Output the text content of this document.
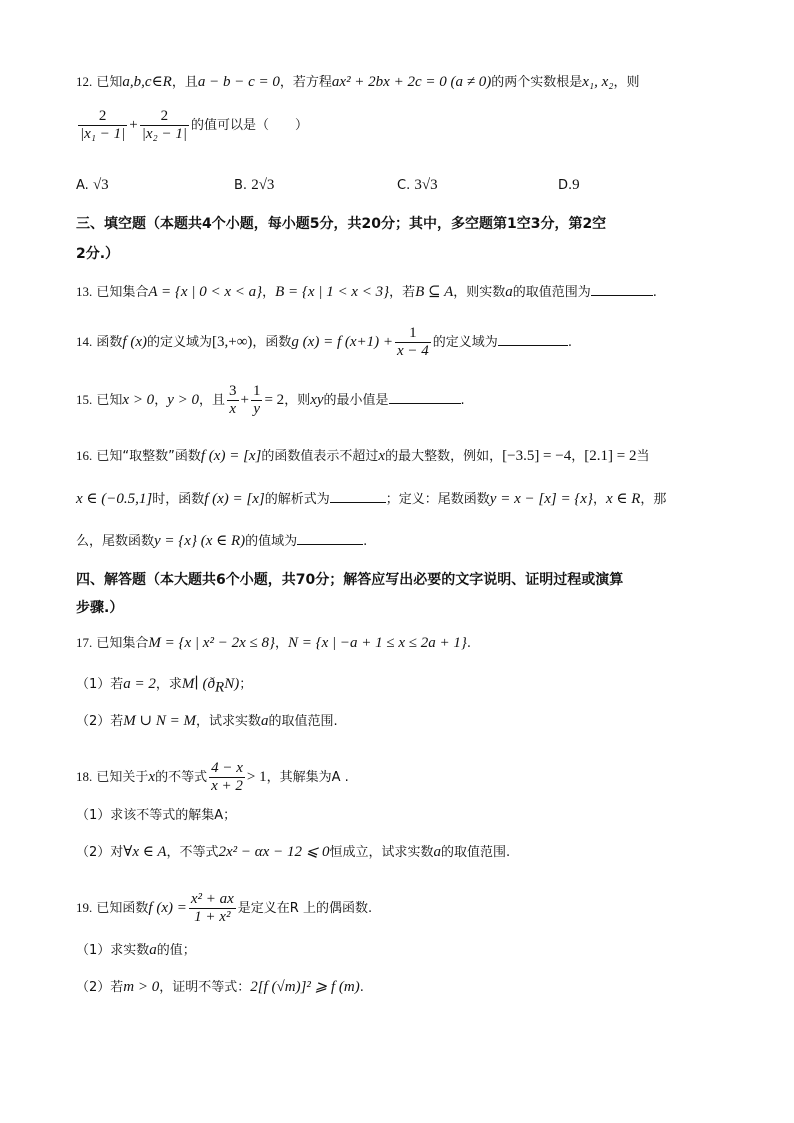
12. 已知a,b,c∈R，且a − b − c = 0，若方程ax² + 2bx + 2c = 0 (a ≠ 0)的两个实数根是x₁, x₂，则
$\frac{2}{\text{|x₁ − 1|}} + \frac{2}{\text{|x₂ − 1|}}$ 的值可以是（　　）
A. √3	B. 2√3	C. 3√3	D.9
三、填空题（本题共4个小题，每小题5分，共20分；其中，多空题第1空3分，第2空
2分.）
13. 已知集合A = {x | 0 < x < a}，B = {x | 1 < x < 3}，若B ⊆ A，则实数a的取值范围为	.
14. 函数f (x)的定义域为[3,+∞)，函数g (x) = f $(x+1) + \frac{1}{x - 4}$ 的定义域为	.
15. 已知x > 0，y > 0，且 $\frac{3}{x} + \frac{1}{y} = 2$，则xy的最小值是	.
16. 已知“取整数”函数f (x) = [x]的函数值表示不超过x的最大整数，例如，[−3.5] = −4，[2.1] = 2当
x ∈ (−0.5,1]时，函数f (x) = [x]的解析式为	；定义：尾数函数y = x − [x] = {x}，x ∈ R，那
么，尾数函数y = {x} (x ∈ R)的值域为	.
四、解答题（本大题共6个小题，共70分；解答应写出必要的文字说明、证明过程或演算
步骤.）
17. 已知集合M = {x | x² − 2x ≤ 8}，N = {x | −a + 1 ≤ x ≤ 2a + 1}.
（1）若a = 2，求M∣ $(ð_RN)$；
（2）若M ∪ N = M，试求实数a的取值范围.
18. 已知关于x的不等式 $\frac{4 - x}{x + 2} > 1$，其解集为A .
（1）求该不等式的解集A；
（2）对∀x ∈ A，不等式2x² − αx − 12 ⩽ 0恒成立，试求实数a的取值范围.
19. 已知函数f $(x) = \frac{\text{x² + ax}}{\text{1 + x²}}$ 是定义在R 上的偶函数.
（1）求实数a的值；
（2）若m > 0，证明不等式：2[f (√m)]² ⩾ f (m).
